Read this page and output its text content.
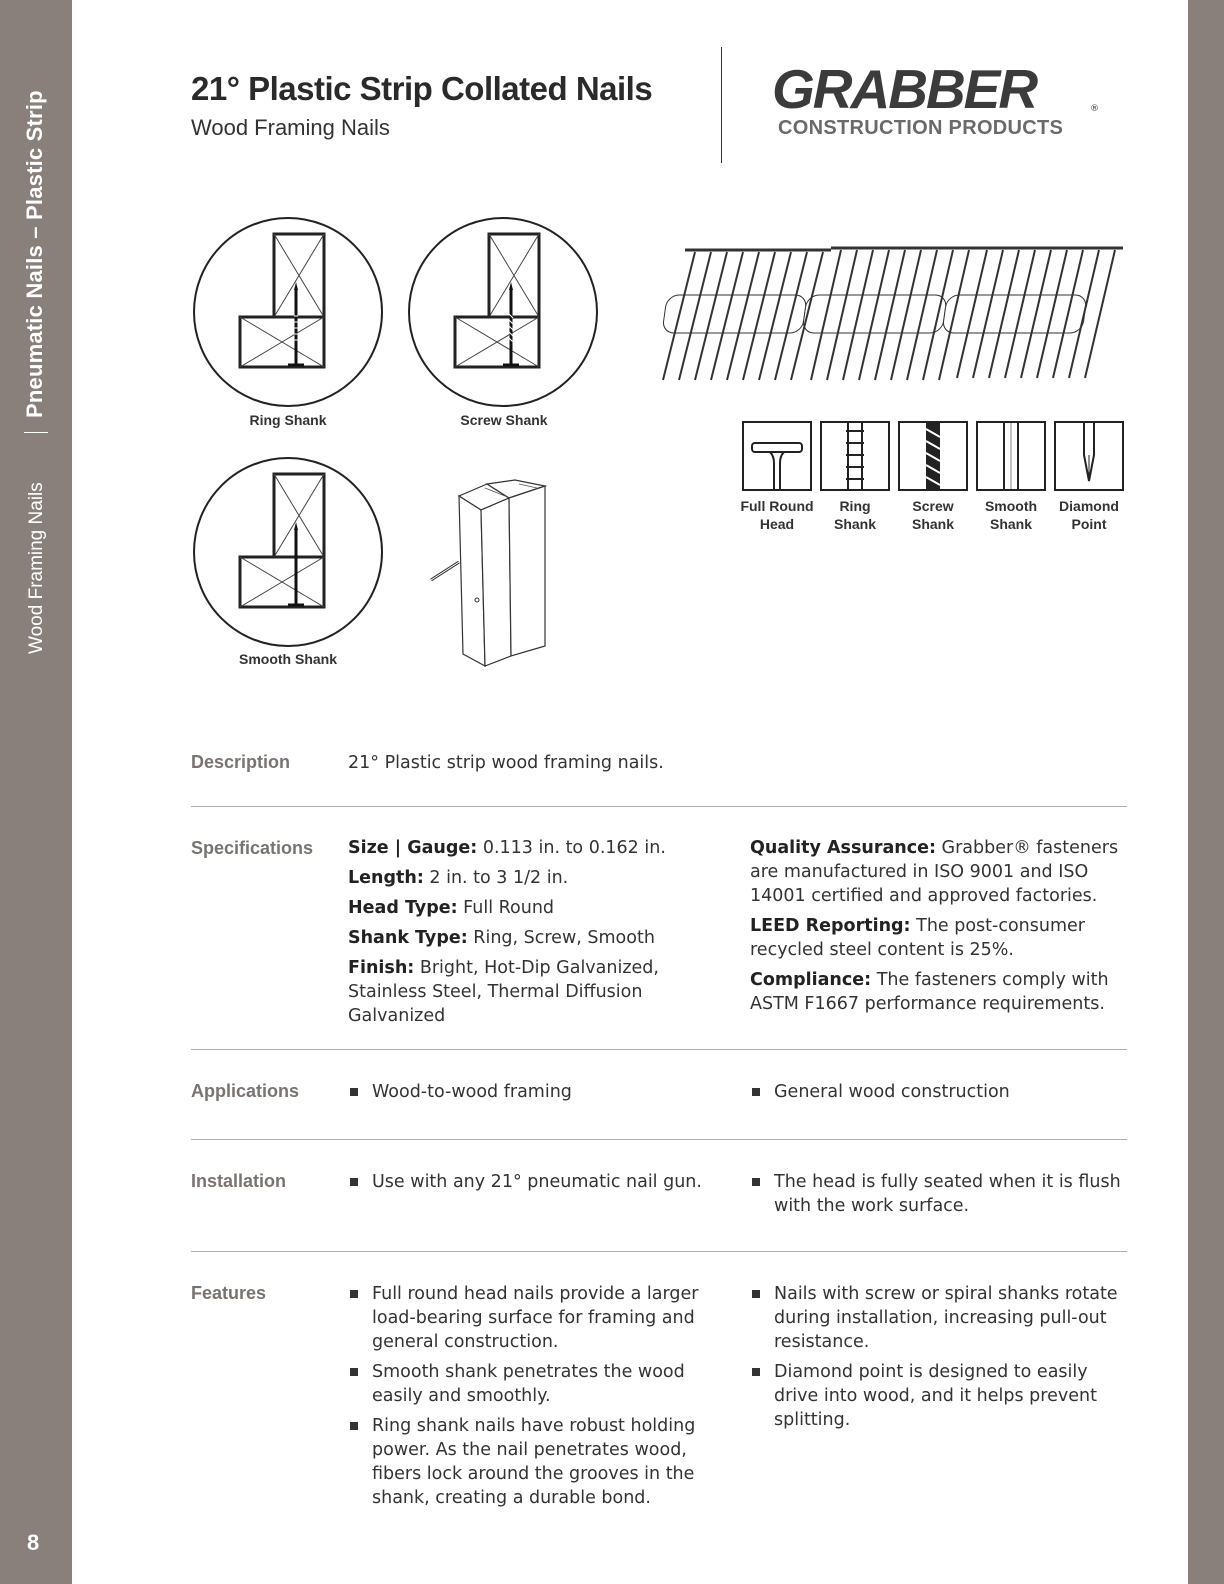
Pneumatic Nails – Plastic Strip
Wood Framing Nails
8
21° Plastic Strip Collated Nails
Wood Framing Nails
GRABBER	®
CONSTRUCTION PRODUCTS
Ring Shank	Screw Shank
Smooth Shank
Full Round
Head
Ring Shank
Screw
Shank
Smooth
Shank
Diamond
Point
Description	21° Plastic strip wood framing nails.
Specifications Size | Gauge: 0.113 in. to 0.162 in.
Length: 2 in. to 3 1/2 in.
Head Type: Full Round
Shank Type: Ring, Screw, Smooth
Finish: Bright, Hot-Dip Galvanized, Stainless Steel, Thermal Diffusion Galvanized
Quality Assurance: Grabber® fasteners are manufactured in ISO 9001 and ISO 14001 certified and approved factories.
LEED Reporting: The post-consumer recycled steel content is 25%.
Compliance: The fasteners comply with ASTM F1667 performance requirements.
Applications	Wood-to-wood framing	General wood construction
Installation	Use with any 21° pneumatic nail gun.	The head is fully seated when it is flush with the work surface.
Features	Full round head nails provide a larger load-bearing surface for framing and general construction.
Smooth shank penetrates the wood easily and smoothly.
Ring shank nails have robust holding power. As the nail penetrates wood, fibers lock around the grooves in the shank, creating a durable bond.
Nails with screw or spiral shanks rotate during installation, increasing pull-out resistance.
Diamond point is designed to easily drive into wood, and it helps prevent splitting.
